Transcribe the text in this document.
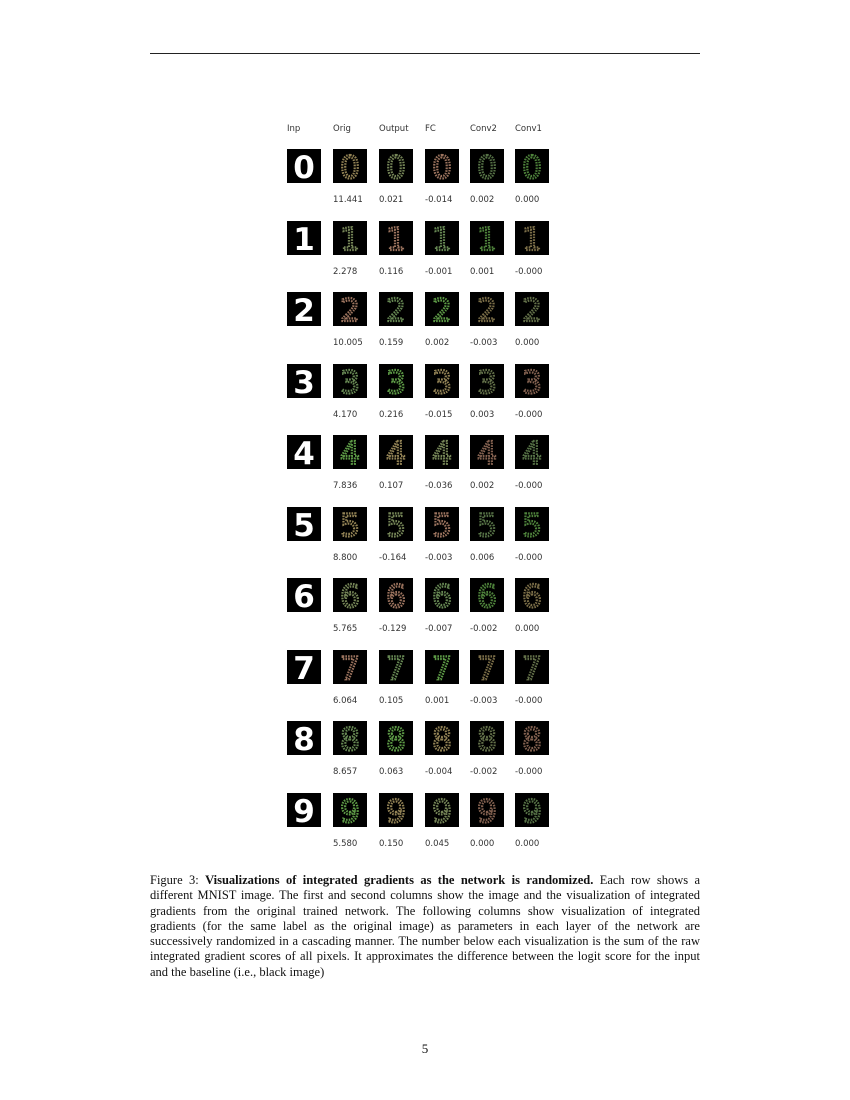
Inp	Orig	Output FC	Conv2 Conv1
0 0 0 0 0 0
11.441 0.021	-0.014 0.002 0.000
1 1 1 1 1 1
2.278	0.116	-0.001 0.001 -0.000
2 2 2 2 2 2
10.005 0.159	0.002 -0.003 0.000
3 3 3 3 3 3
4.170	0.216	-0.015 0.003 -0.000
4 4 4 4 4 4
7.836	0.107	-0.036 0.002 -0.000
5 5 5 5 5 5
8.800	-0.164 -0.003 0.006 -0.000
6 6 6 6 6 6
5.765	-0.129 -0.007 -0.002 0.000
7 7 7 7 7 7
6.064	0.105	0.001 -0.003 -0.000
8 8 8 8 8 8
8.657	0.063	-0.004 -0.002 -0.000
9 9 9 9 9 9
5.580	0.150	0.045 0.000 0.000
Figure 3: Visualizations of integrated gradients as the network is randomized. Each row shows a different MNIST image. The first and second columns show the image and the visualization of integrated gradients from the original trained network. The following columns show visualization of integrated gradients (for the same label as the original image) as parameters in each layer of the network are successively randomized in a cascading manner. The number below each visualization is the sum of the raw integrated gradient scores of all pixels. It approximates the difference between the logit score for the input and the baseline (i.e., black image)
5
